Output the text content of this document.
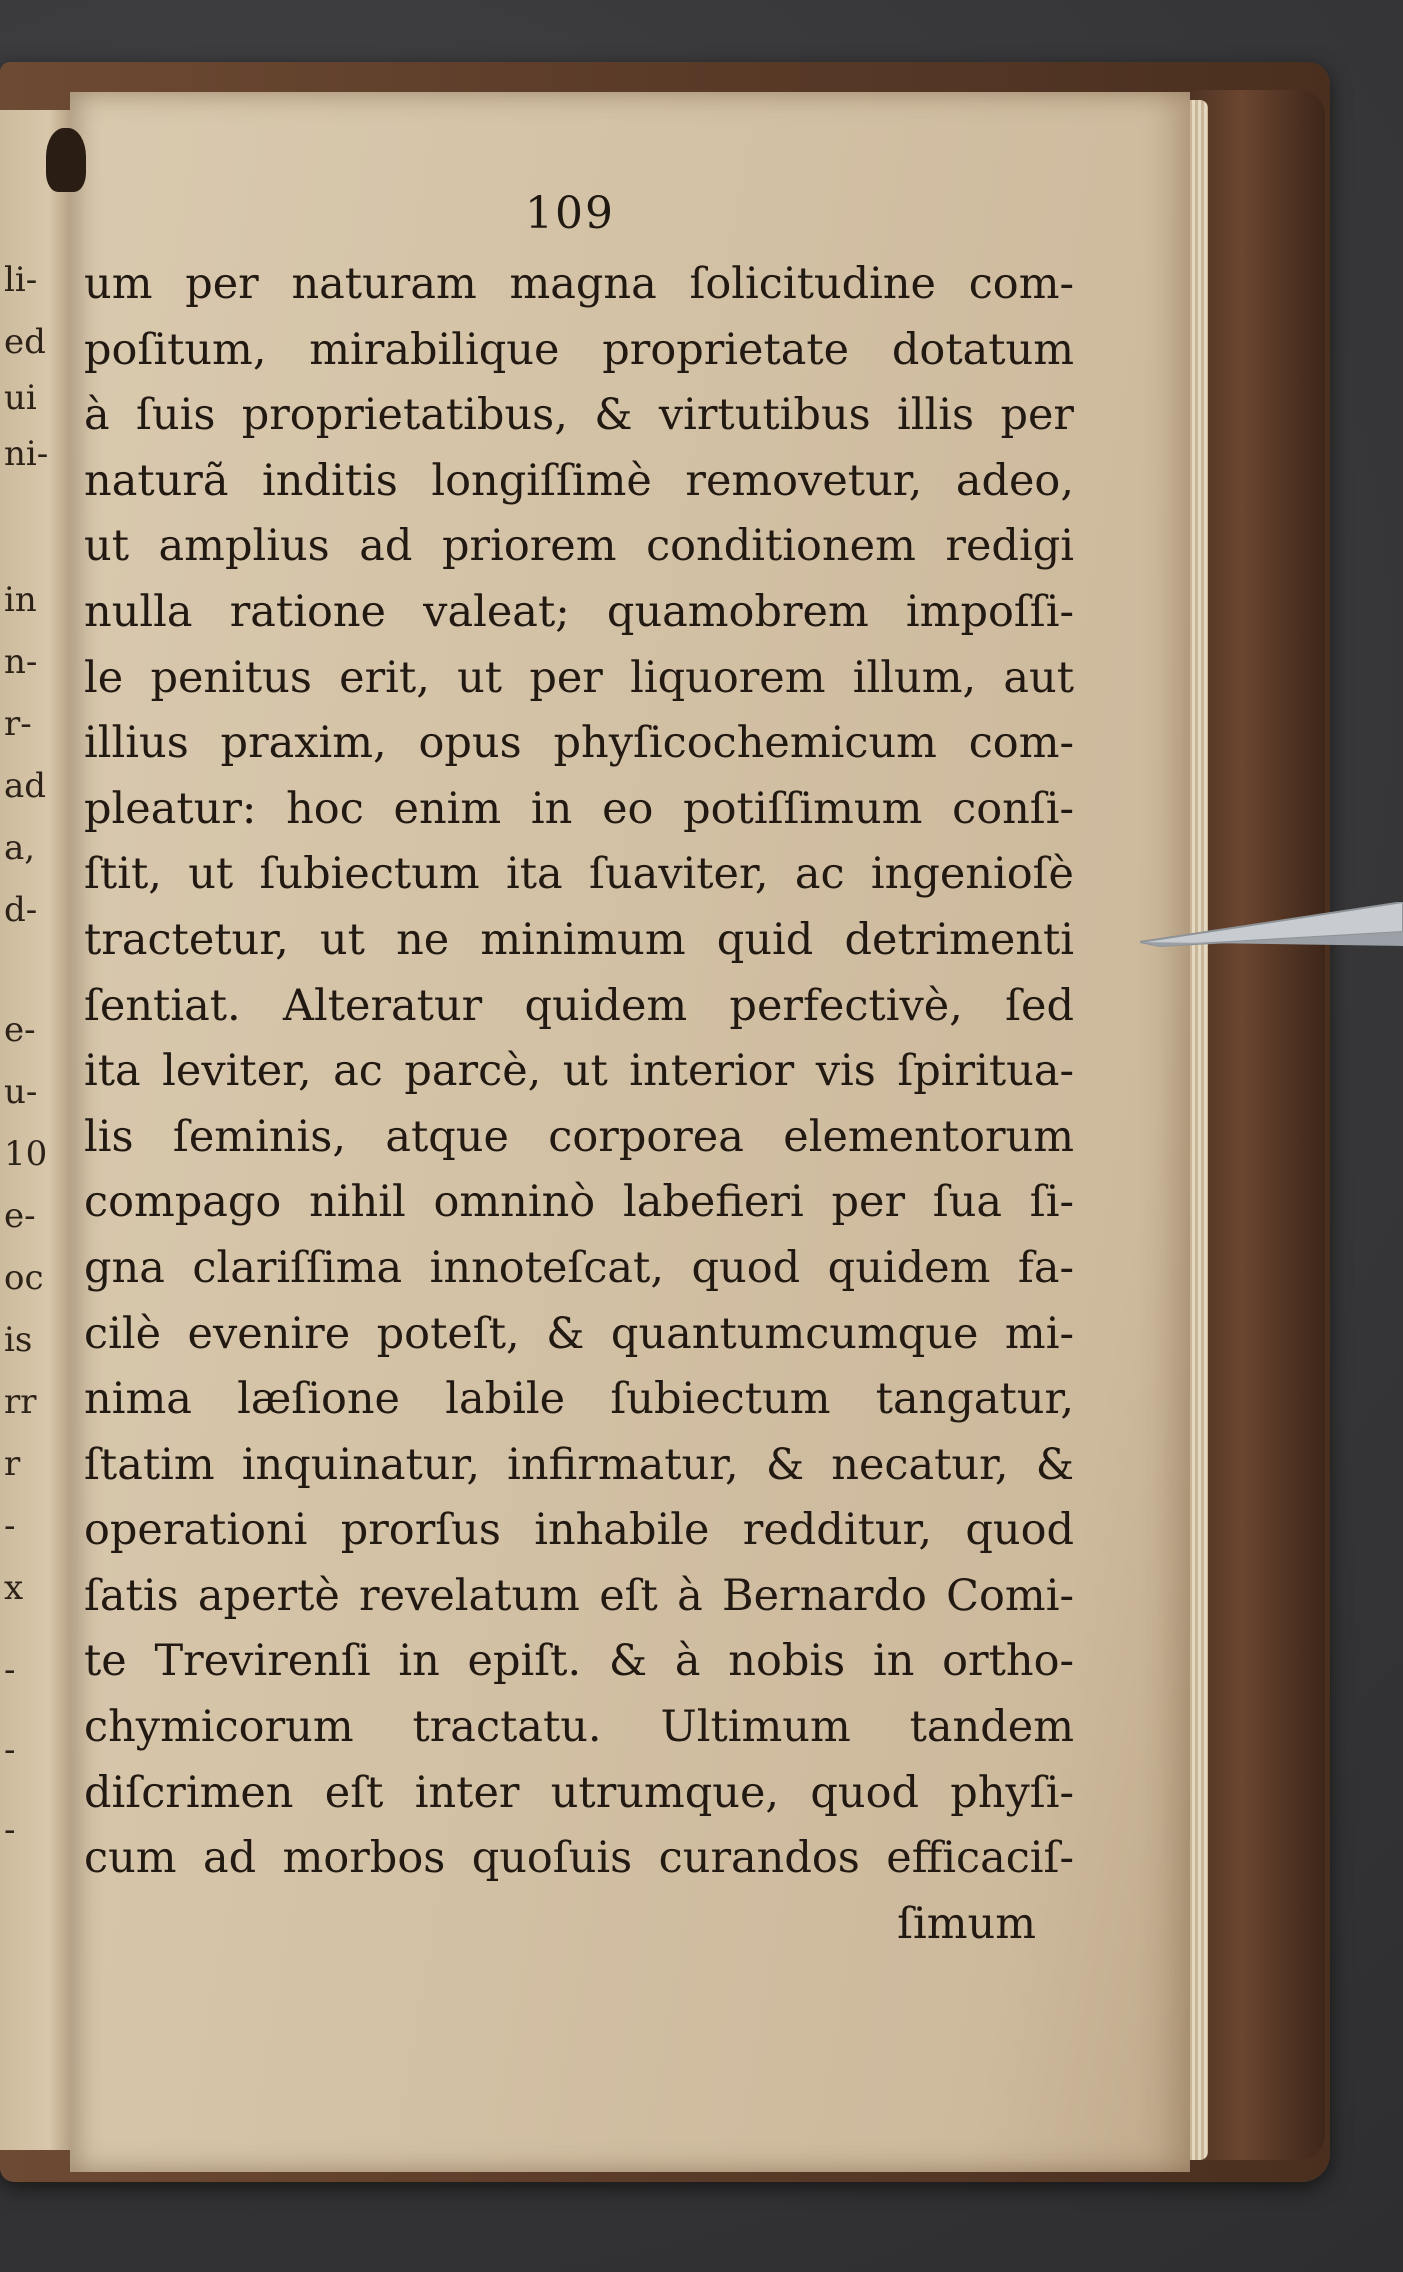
li-
ed
ui
ni-
in
n-
r-
ad
a,
d-
e-
u-
10
e-
oc
is
rr
r
-
x
-
-
-
109
um per naturam magna ſolicitudine com-
poſitum, mirabilique proprietate dotatum
à ſuis proprietatibus, & virtutibus illis per
naturã inditis longiſſimè removetur, adeo,
ut amplius ad priorem conditionem redigi
nulla ratione valeat; quamobrem impoſſi-
le penitus erit, ut per liquorem illum, aut
illius praxim, opus phyſicochemicum com-
pleatur: hoc enim in eo potiſſimum conſi-
ſtit, ut ſubiectum ita ſuaviter, ac ingenioſè
tractetur, ut ne minimum quid detrimenti
ſentiat. Alteratur quidem perfectivè, ſed
ita leviter, ac parcè, ut interior vis ſpiritua-
lis ſeminis, atque corporea elementorum
compago nihil omninò labefieri per ſua ſi-
gna clariſſima innoteſcat, quod quidem fa-
cilè evenire poteſt, & quantumcumque mi-
nima læſione labile ſubiectum tangatur,
ſtatim inquinatur, infirmatur, & necatur, &
operationi prorſus inhabile redditur, quod
ſatis apertè revelatum eſt à Bernardo Comi-
te Trevirenſi in epiſt. & à nobis in ortho-
chymicorum tractatu. Ultimum tandem
diſcrimen eſt inter utrumque, quod phyſi-
cum ad morbos quoſuis curandos efficaciſ-
ſimum
